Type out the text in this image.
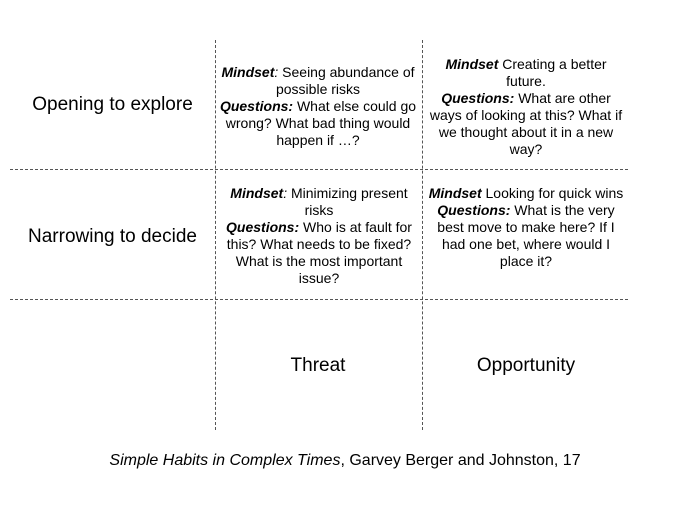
Opening to explore
Narrowing to decide
Mindset: Seeing abundance of possible risks
Questions: What else could go wrong? What bad thing would happen if …?
Mindset Creating a better future.
Questions: What are other ways of looking at this? What if we thought about it in a new way?
Mindset: Minimizing present risks
Questions: Who is at fault for this? What needs to be fixed? What is the most important issue?
Mindset Looking for quick wins
Questions: What is the very best move to make here? If I had one bet, where would I place it?
Threat	Opportunity
Simple Habits in Complex Times, Garvey Berger and Johnston, 17
